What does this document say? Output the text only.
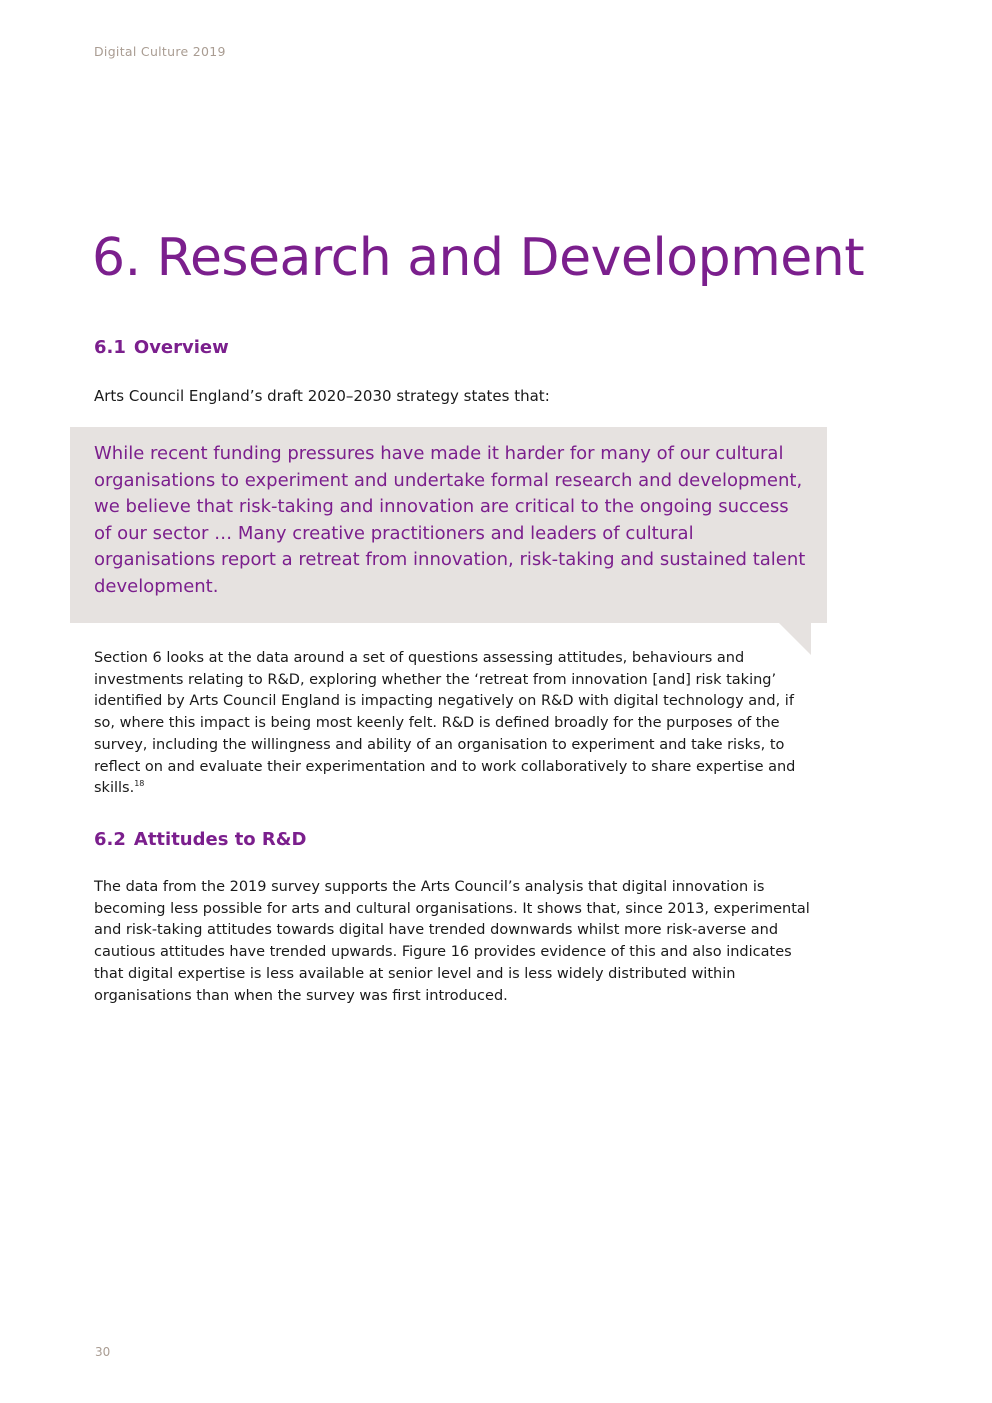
Digital Culture 2019
6. Research and Development
6.1 Overview

Arts Council England’s draft 2020–2030 strategy states that:

While recent funding pressures have made it harder for many of our cultural organisations to experiment and undertake formal research and development, we believe that risk-taking and innovation are critical to the ongoing success of our sector … Many creative practitioners and leaders of cultural organisations report a retreat from innovation, risk-taking and sustained talent development.

Section 6 looks at the data around a set of questions assessing attitudes, behaviours and investments relating to R&D, exploring whether the ‘retreat from innovation [and] risk taking’ identified by Arts Council England is impacting negatively on R&D with digital technology and, if so, where this impact is being most keenly felt. R&D is defined broadly for the purposes of the survey, including the willingness and ability of an organisation to experiment and take risks, to reflect on and evaluate their experimentation and to work collaboratively to share expertise and skills.$^{18}$

6.2 Attitudes to R&D

The data from the 2019 survey supports the Arts Council’s analysis that digital innovation is becoming less possible for arts and cultural organisations. It shows that, since 2013, experimental and risk-taking attitudes towards digital have trended downwards whilst more risk-averse and cautious attitudes have trended upwards. Figure 16 provides evidence of this and also indicates that digital expertise is less available at senior level and is less widely distributed within organisations than when the survey was first introduced.

30
